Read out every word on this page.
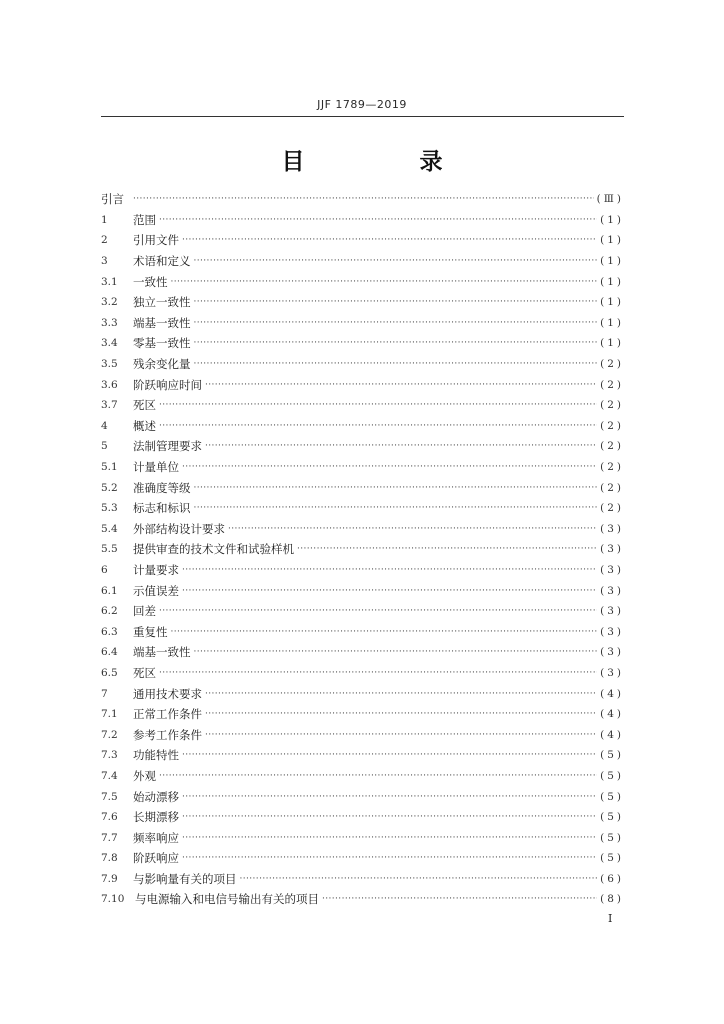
JJF 1789—2019
目　录
引言 ·····	(Ⅲ)
1	范围 ·····	(1)
2	引用文件 ·····	(1)
3	术语和定义 ·····	(1)
3.1	一致性 ·····	(1)
3.2	独立一致性 ·····	(1)
3.3	端基一致性 ·····	(1)
3.4	零基一致性 ·····	(1)
3.5	残余变化量 ·····	(2)
3.6	阶跃响应时间 ·····	(2)
3.7	死区 ·····	(2)
4	概述 ·····	(2)
5	法制管理要求 ·····	(2)
5.1	计量单位 ·····	(2)
5.2	准确度等级 ·····	(2)
5.3	标志和标识 ·····	(2)
5.4	外部结构设计要求 ·····	(3)
5.5	提供审查的技术文件和试验样机 ·····	(3)
6	计量要求 ·····	(3)
6.1	示值误差 ·····	(3)
6.2	回差 ·····	(3)
6.3	重复性 ·····	(3)
6.4	端基一致性 ·····	(3)
6.5	死区 ·····	(3)
7	通用技术要求 ·····	(4)
7.1	正常工作条件 ·····	(4)
7.2	参考工作条件 ·····	(4)
7.3	功能特性 ·····	(5)
7.4	外观 ·····	(5)
7.5	始动漂移 ·····	(5)
7.6	长期漂移 ·····	(5)
7.7	频率响应 ·····	(5)
7.8	阶跃响应 ·····	(5)
7.9	与影响量有关的项目 ·····	(6)
7.10 与电源输入和电信号输出有关的项目 ·····	(8)
I
